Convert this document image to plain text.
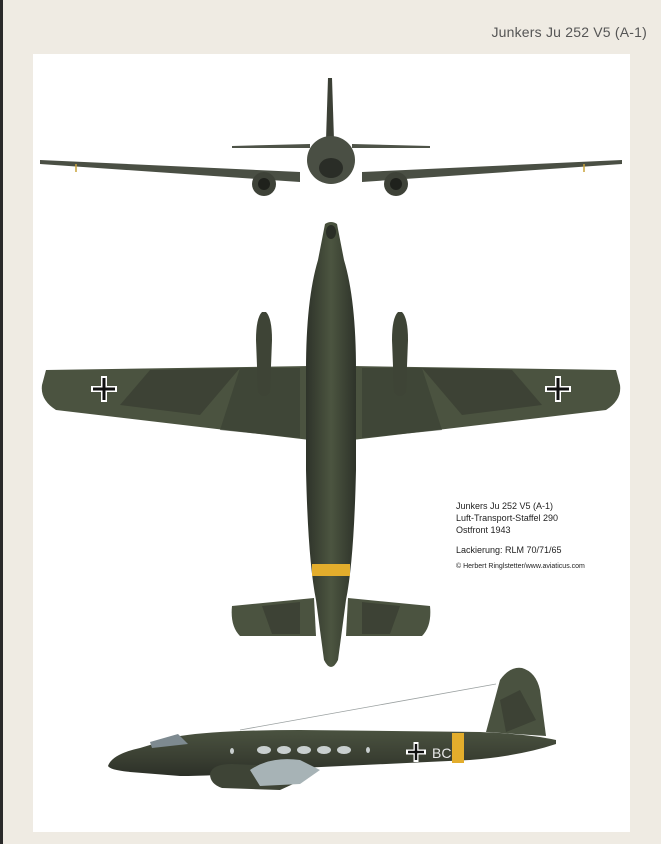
Junkers Ju 252 V5 (A-1)
BC
Junkers Ju 252 V5 (A-1)
Luft-Transport-Staffel 290
Ostfront 1943
Lackierung: RLM 70/71/65
© Herbert Ringlstetter/www.aviaticus.com
